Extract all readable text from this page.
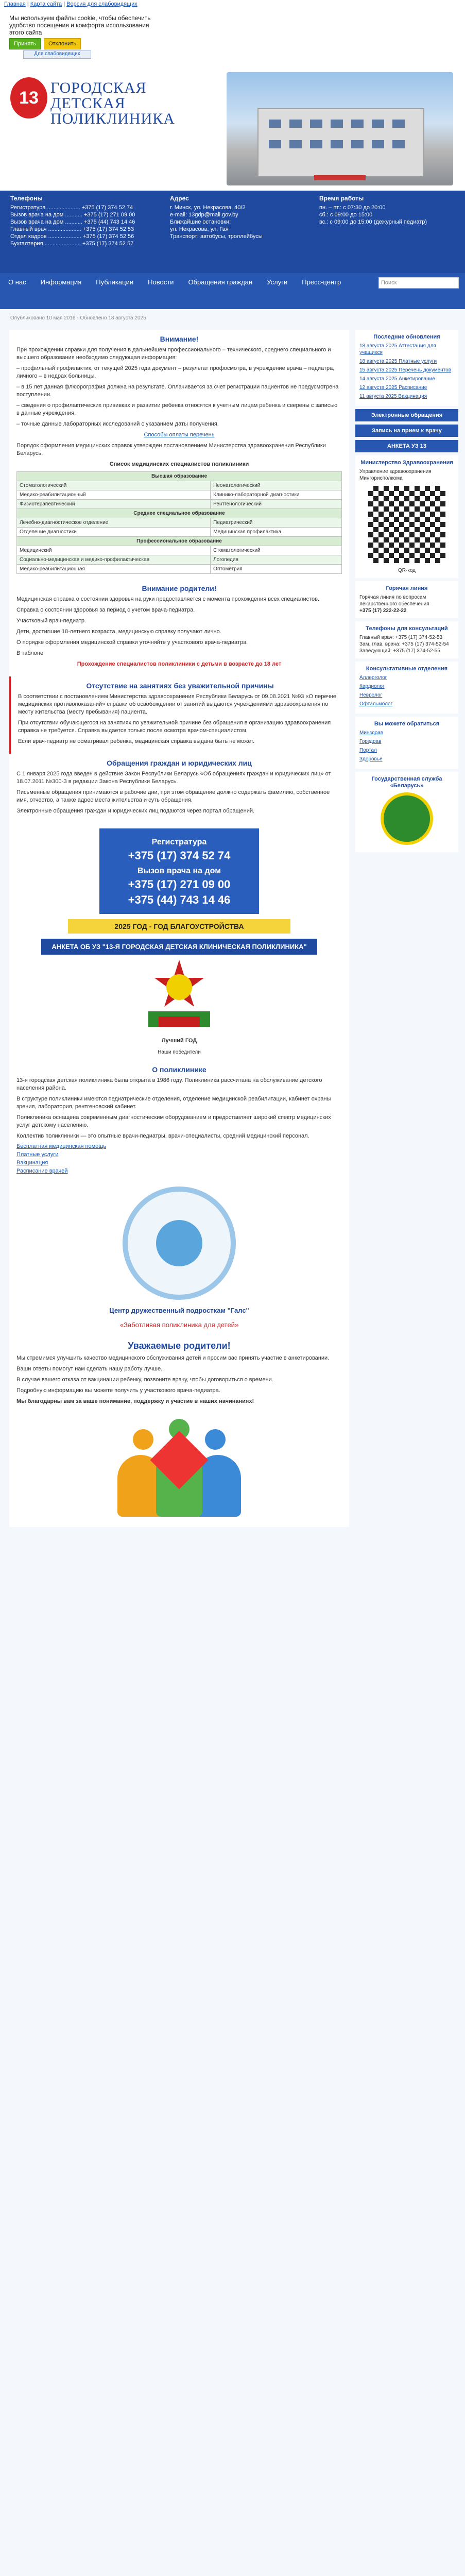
Главная | Карта сайта | Версия для слабовидящих
Мы используем файлы cookie, чтобы обеспечить удобство посещения и комфорта использования этого сайта
Принять	Отклонить
Для слабовидящих
13 ГОРОДСКАЯ
ДЕТСКАЯ
ПОЛИКЛИНИКА
Телефоны
Регистратура ..................... +375 (17) 374 52 74
Вызов врача на дом ........... +375 (17) 271 09 00
Вызов врача на дом ........... +375 (44) 743 14 46
Главный врач ..................... +375 (17) 374 52 53
Отдел кадров ..................... +375 (17) 374 52 56
Бухгалтерия ....................... +375 (17) 374 52 57
Адрес
г. Минск, ул. Некрасова, 40/2
e-mail: 13gdp@mail.gov.by
Ближайшие остановки:
ул. Некрасова, ул. Гая
Транспорт: автобусы, троллейбусы
Время работы
пн. – пт.: с 07:30 до 20:00
сб.: с 09:00 до 15:00
вс.: с 09:00 до 15:00 (дежурный педиатр)
О нас	Информация	Публикации	Новости	Обращения граждан	Услуги	Пресс-центр	Поиск
Опубликовано 10 мая 2016 - Обновлено 18 августа 2025
Внимание!

При прохождении справки для получения в дальнейшем профессионального – технического, среднего специального и высшего образования необходимо следующая информация:

– профильный профилактик, от текущей 2025 года документ – результат профосмотра, в учреждение врача – педиатра, личного – в недрах больницы.

– в 15 лет данная флюорография должна на результате. Оплачивается за счет регистрации пациентов не предусмотрена поступлении.

– сведения о профилактических прививках и развитии ребенка относятся к учетным лицам ребенка и сверены с записью в данные учреждения.

– точные данные лабораторных исследований с указанием даты получения.

Способы оплаты перечень

Порядок оформления медицинских справок утвержден постановлением Министерства здравоохранения Республики Беларусь.

Список медицинских специалистов поликлиники

Высшая образование	
Стоматологический	Неонатологический
Медико-реабилитационный	Клинико-лабораторной диагностики
Физиотерапевтический	Рентгенологический
Среднее специальное образование	
Лечебно-диагностическое отделение	Педиатрический
Отделение диагностики	Медицинская профилактика
Профессиональное образование	
Медицинский	Стоматологический
Социально-медицинская и медико-профилактическая	Логопедия
Медико-реабилитационная	Оптометрия
Внимание родители!

Медицинская справка о состоянии здоровья на руки предоставляется с момента прохождения всех специалистов.

Справка о состоянии здоровья за период с учетом врача-педиатра.

Участковый врач-педиатр.

Дети, достигшие 18-летнего возраста, медицинскую справку получают лично.

О порядке оформления медицинской справки уточняйте у участкового врача-педиатра.

В таблоне

Прохождение специалистов поликлиники с детьми в возрасте до 18 лет

Отсутствие на занятиях без уважительной причины

В соответствии с постановлением Министерства здравоохранения Республики Беларусь от 09.08.2021 №93 «О перечне медицинских противопоказаний» справки об освобождении от занятий выдаются учреждениями здравоохранения по месту жительства (месту пребывания) пациента.

При отсутствии обучающегося на занятиях по уважительной причине без обращения в организацию здравоохранения справка не требуется. Справка выдается только после осмотра врачом-специалистом.

Если врач-педиатр не осматривал ребенка, медицинская справка выдана быть не может.

Обращения граждан и юридических лиц

С 1 января 2025 года введен в действие Закон Республики Беларусь «Об обращениях граждан и юридических лиц» от 18.07.2011 №300-З в редакции Закона Республики Беларусь.

Письменные обращения принимаются в рабочие дни, при этом обращение должно содержать фамилию, собственное имя, отчество, а также адрес места жительства и суть обращения.

Электронные обращения граждан и юридических лиц подаются через портал обращений.

Регистратура
+375 (17) 374 52 74
Вызов врача на дом
+375 (17) 271 09 00
+375 (44) 743 14 46
2025 ГОД - ГОД БЛАГОУСТРОЙСТВА
АНКЕТА ОБ УЗ "13-Я ГОРОДСКАЯ ДЕТСКАЯ КЛИНИЧЕСКАЯ ПОЛИКЛИНИКА"

Лучший ГОД

Наши победители

О поликлинике

13-я городская детская поликлиника была открыта в 1986 году. Поликлиника рассчитана на обслуживание детского населения района.

В структуре поликлиники имеются педиатрические отделения, отделение медицинской реабилитации, кабинет охраны зрения, лаборатория, рентгеновский кабинет.

Поликлиника оснащена современным диагностическим оборудованием и предоставляет широкий спектр медицинских услуг детскому населению.

Коллектив поликлиники — это опытные врачи-педиатры, врачи-специалисты, средний медицинский персонал.

Бесплатная медицинская помощь
Платные услуги
Вакцинация
Расписание врачей

Центр дружественный подросткам "Галс"

«Заботливая поликлиника для детей»

Уважаемые родители!

Мы стремимся улучшить качество медицинского обслуживания детей и просим вас принять участие в анкетировании.

Ваши ответы помогут нам сделать нашу работу лучше.

В случае вашего отказа от вакцинации ребенку, позвоните врачу, чтобы договориться о времени.

Подробную информацию вы можете получить у участкового врача-педиатра.

Мы благодарны вам за ваше понимание, поддержку и участие в наших начинаниях!

Последние обновления
18 августа 2025 Аттестация для учащихся
18 августа 2025 Платные услуги
15 августа 2025 Перечень документов
14 августа 2025 Анкетирование
12 августа 2025 Расписание
11 августа 2025 Вакцинация
Электронные обращения
Запись на прием к врачу
АНКЕТА УЗ 13
Министерство Здравоохранения
Управление здравоохранения Мингорисполкома
QR-код
Горячая линия
Горячая линия по вопросам лекарственного обеспечения
+375 (17) 222-22-22
Телефоны для консультаций
Главный врач: +375 (17) 374-52-53
Зам. глав. врача: +375 (17) 374-52-54
Заведующий: +375 (17) 374-52-55
Консультативные отделения
Аллерголог
Кардиолог
Невролог
Офтальмолог
Вы можете обратиться
Минздрав
Горздрав
Портал
Здоровье
Государственная служба «Беларусь»
